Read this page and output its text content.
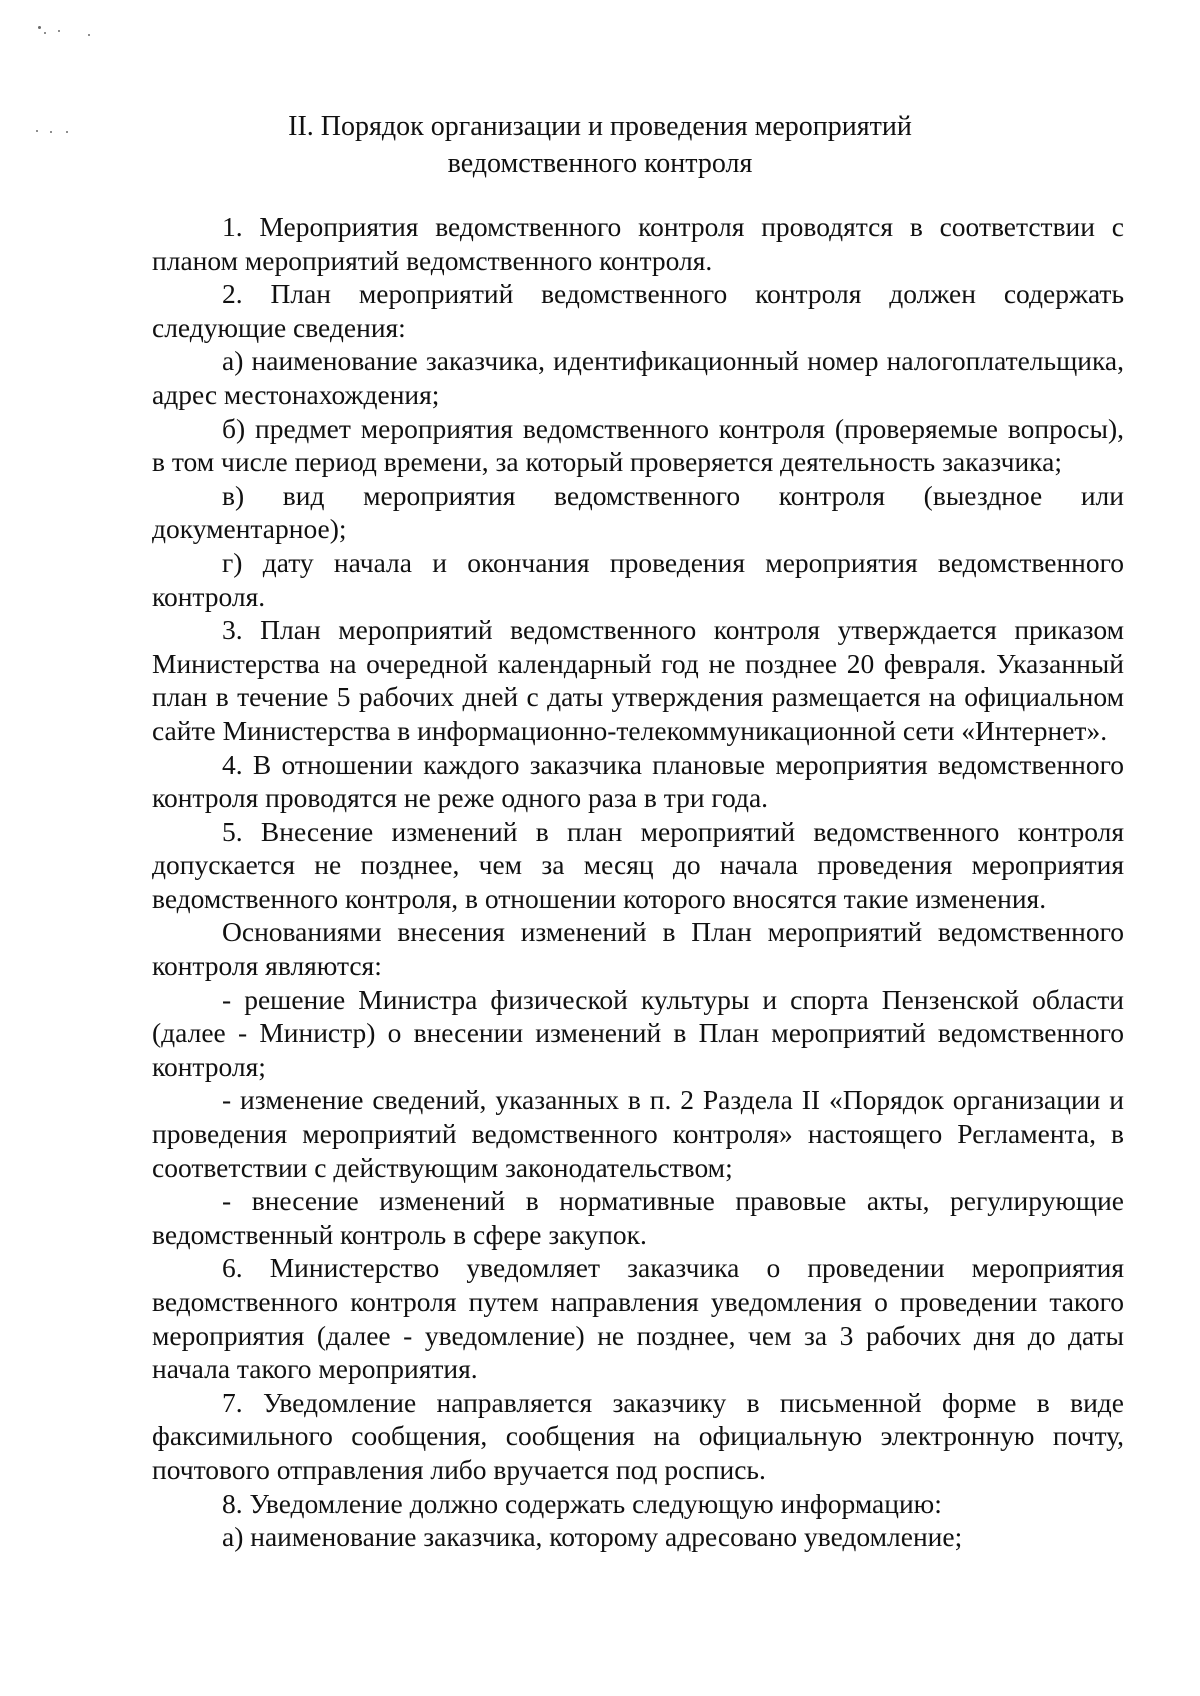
II. Порядок организации и проведения мероприятий
ведомственного контроля

1. Мероприятия ведомственного контроля проводятся в соответствии с планом мероприятий ведомственного контроля.

2. План мероприятий ведомственного контроля должен содержать следующие сведения:

а) наименование заказчика, идентификационный номер налогоплательщика, адрес местонахождения;

б) предмет мероприятия ведомственного контроля (проверяемые вопросы), в том числе период времени, за который проверяется деятельность заказчика;

в) вид мероприятия ведомственного контроля (выездное или документарное);

г) дату начала и окончания проведения мероприятия ведомственного контроля.

3. План мероприятий ведомственного контроля утверждается приказом Министерства на очередной календарный год не позднее 20 февраля. Указанный план в течение 5 рабочих дней с даты утверждения размещается на официальном сайте Министерства в информационно-телекоммуникационной сети «Интернет».

4. В отношении каждого заказчика плановые мероприятия ведомственного контроля проводятся не реже одного раза в три года.

5. Внесение изменений в план мероприятий ведомственного контроля допускается не позднее, чем за месяц до начала проведения мероприятия ведомственного контроля, в отношении которого вносятся такие изменения.

Основаниями внесения изменений в План мероприятий ведомственного контроля являются:

- решение Министра физической культуры и спорта Пензенской области (далее - Министр) о внесении изменений в План мероприятий ведомственного контроля;

- изменение сведений, указанных в п. 2 Раздела II «Порядок организации и проведения мероприятий ведомственного контроля» настоящего Регламента, в соответствии с действующим законодательством;

- внесение изменений в нормативные правовые акты, регулирующие ведомственный контроль в сфере закупок.

6. Министерство уведомляет заказчика о проведении мероприятия ведомственного контроля путем направления уведомления о проведении такого мероприятия (далее - уведомление) не позднее, чем за 3 рабочих дня до даты начала такого мероприятия.

7. Уведомление направляется заказчику в письменной форме в виде факсимильного сообщения, сообщения на официальную электронную почту, почтового отправления либо вручается под роспись.

8. Уведомление должно содержать следующую информацию:

а) наименование заказчика, которому адресовано уведомление;
